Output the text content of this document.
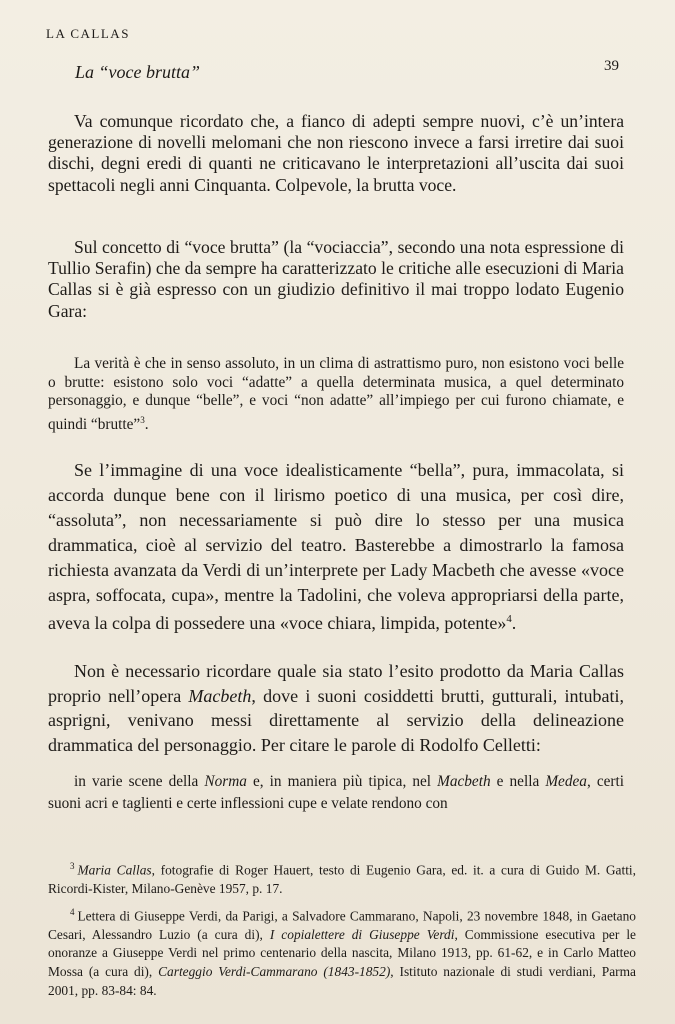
LA CALLAS
39
La “voce brutta”

Va comunque ricordato che, a fianco di adepti sempre nuovi, c’è un’intera generazione di novelli melomani che non riescono invece a farsi irretire dai suoi dischi, degni eredi di quanti ne criticavano le interpretazioni all’uscita dai suoi spettacoli negli anni Cinquanta. Colpevole, la brutta voce.

Sul concetto di “voce brutta” (la “vociaccia”, secondo una nota espressione di Tullio Serafin) che da sempre ha caratterizzato le critiche alle esecuzioni di Maria Callas si è già espresso con un giudizio definitivo il mai troppo lodato Eugenio Gara:

La verità è che in senso assoluto, in un clima di astrattismo puro, non esistono voci belle o brutte: esistono solo voci “adatte” a quella determinata musica, a quel determinato personaggio, e dunque “belle”, e voci “non adatte” all’impiego per cui furono chiamate, e quindi “brutte”$^3$.

Se l’immagine di una voce idealisticamente “bella”, pura, immacolata, si accorda dunque bene con il lirismo poetico di una musica, per così dire, “assoluta”, non necessariamente si può dire lo stesso per una musica drammatica, cioè al servizio del teatro. Basterebbe a dimostrarlo la famosa richiesta avanzata da Verdi di un’interprete per Lady Macbeth che avesse «voce aspra, soffocata, cupa», mentre la Tadolini, che voleva appropriarsi della parte, aveva la colpa di possedere una «voce chiara, limpida, potente»$^4$.

Non è necessario ricordare quale sia stato l’esito prodotto da Maria Callas proprio nell’opera Macbeth, dove i suoni cosiddetti brutti, gutturali, intubati, asprigni, venivano messi direttamente al servizio della delineazione drammatica del personaggio. Per citare le parole di Rodolfo Celletti:

in varie scene della Norma e, in maniera più tipica, nel Macbeth e nella Medea, certi suoni acri e taglienti e certe inflessioni cupe e velate rendono con

$^3$ Maria Callas, fotografie di Roger Hauert, testo di Eugenio Gara, ed. it. a cura di Guido M. Gatti, Ricordi-Kister, Milano-Genève 1957, p. 17.

$^4$ Lettera di Giuseppe Verdi, da Parigi, a Salvadore Cammarano, Napoli, 23 novembre 1848, in Gaetano Cesari, Alessandro Luzio (a cura di), I copialettere di Giuseppe Verdi, Commissione esecutiva per le onoranze a Giuseppe Verdi nel primo centenario della nascita, Milano 1913, pp. 61-62, e in Carlo Matteo Mossa (a cura di), Carteggio Verdi-Cammarano (1843-1852), Istituto nazionale di studi verdiani, Parma 2001, pp. 83-84: 84.
